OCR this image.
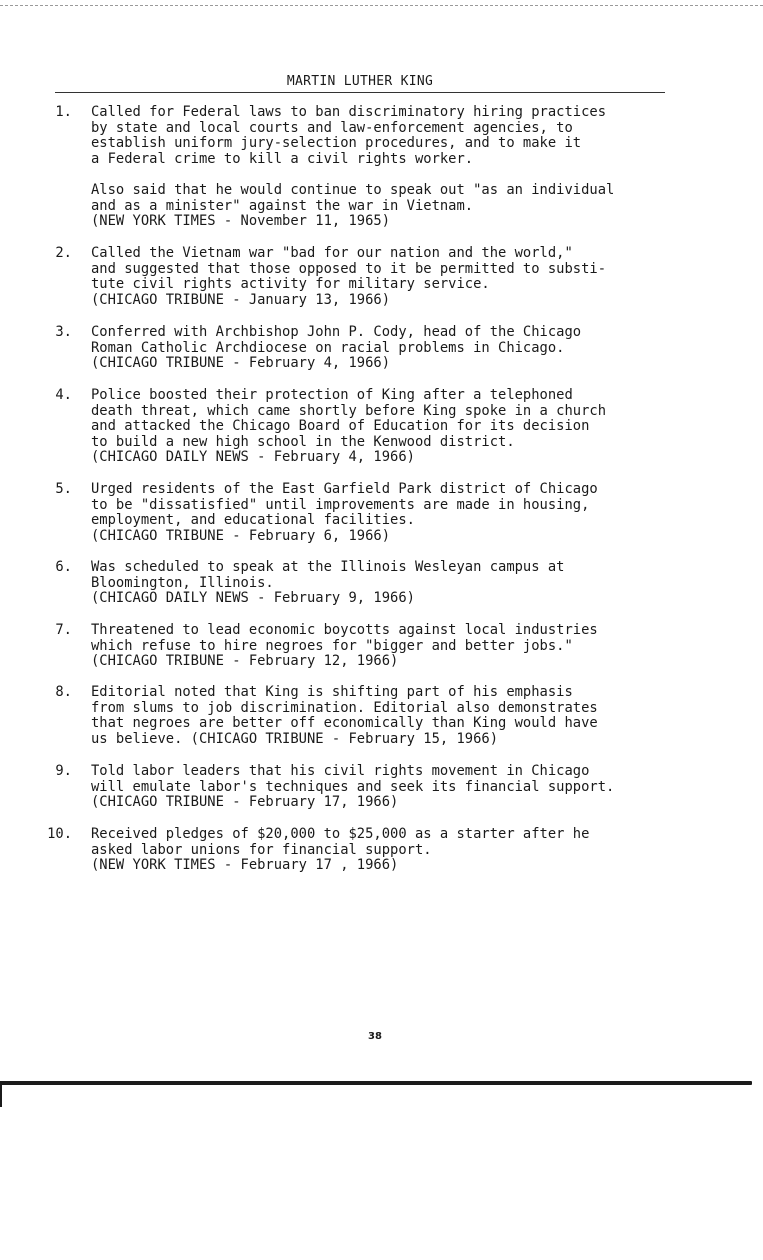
MARTIN LUTHER KING
1. Called for Federal laws to ban discriminatory hiring practices
by state and local courts and law-enforcement agencies, to
establish uniform jury-selection procedures, and to make it
a Federal crime to kill a civil rights worker.
Also said that he would continue to speak out "as an individual
and as a minister" against the war in Vietnam.
(NEW YORK TIMES - November 11, 1965)
2. Called the Vietnam war "bad for our nation and the world,"
and suggested that those opposed to it be permitted to substi-
tute civil rights activity for military service.
(CHICAGO TRIBUNE - January 13, 1966)
3. Conferred with Archbishop John P. Cody, head of the Chicago
Roman Catholic Archdiocese on racial problems in Chicago.
(CHICAGO TRIBUNE - February 4, 1966)
4. Police boosted their protection of King after a telephoned
death threat, which came shortly before King spoke in a church
and attacked the Chicago Board of Education for its decision
to build a new high school in the Kenwood district.
(CHICAGO DAILY NEWS - February 4, 1966)
5. Urged residents of the East Garfield Park district of Chicago
to be "dissatisfied" until improvements are made in housing,
employment, and educational facilities.
(CHICAGO TRIBUNE - February 6, 1966)
6. Was scheduled to speak at the Illinois Wesleyan campus at
Bloomington, Illinois.
(CHICAGO DAILY NEWS - February 9, 1966)
7. Threatened to lead economic boycotts against local industries
which refuse to hire negroes for "bigger and better jobs."
(CHICAGO TRIBUNE - February 12, 1966)
8. Editorial noted that King is shifting part of his emphasis
from slums to job discrimination. Editorial also demonstrates
that negroes are better off economically than King would have
us believe. (CHICAGO TRIBUNE - February 15, 1966)
9. Told labor leaders that his civil rights movement in Chicago
will emulate labor's techniques and seek its financial support.
(CHICAGO TRIBUNE - February 17, 1966)
10. Received pledges of $20,000 to $25,000 as a starter after he
asked labor unions for financial support.
(NEW YORK TIMES - February 17 , 1966)
38
